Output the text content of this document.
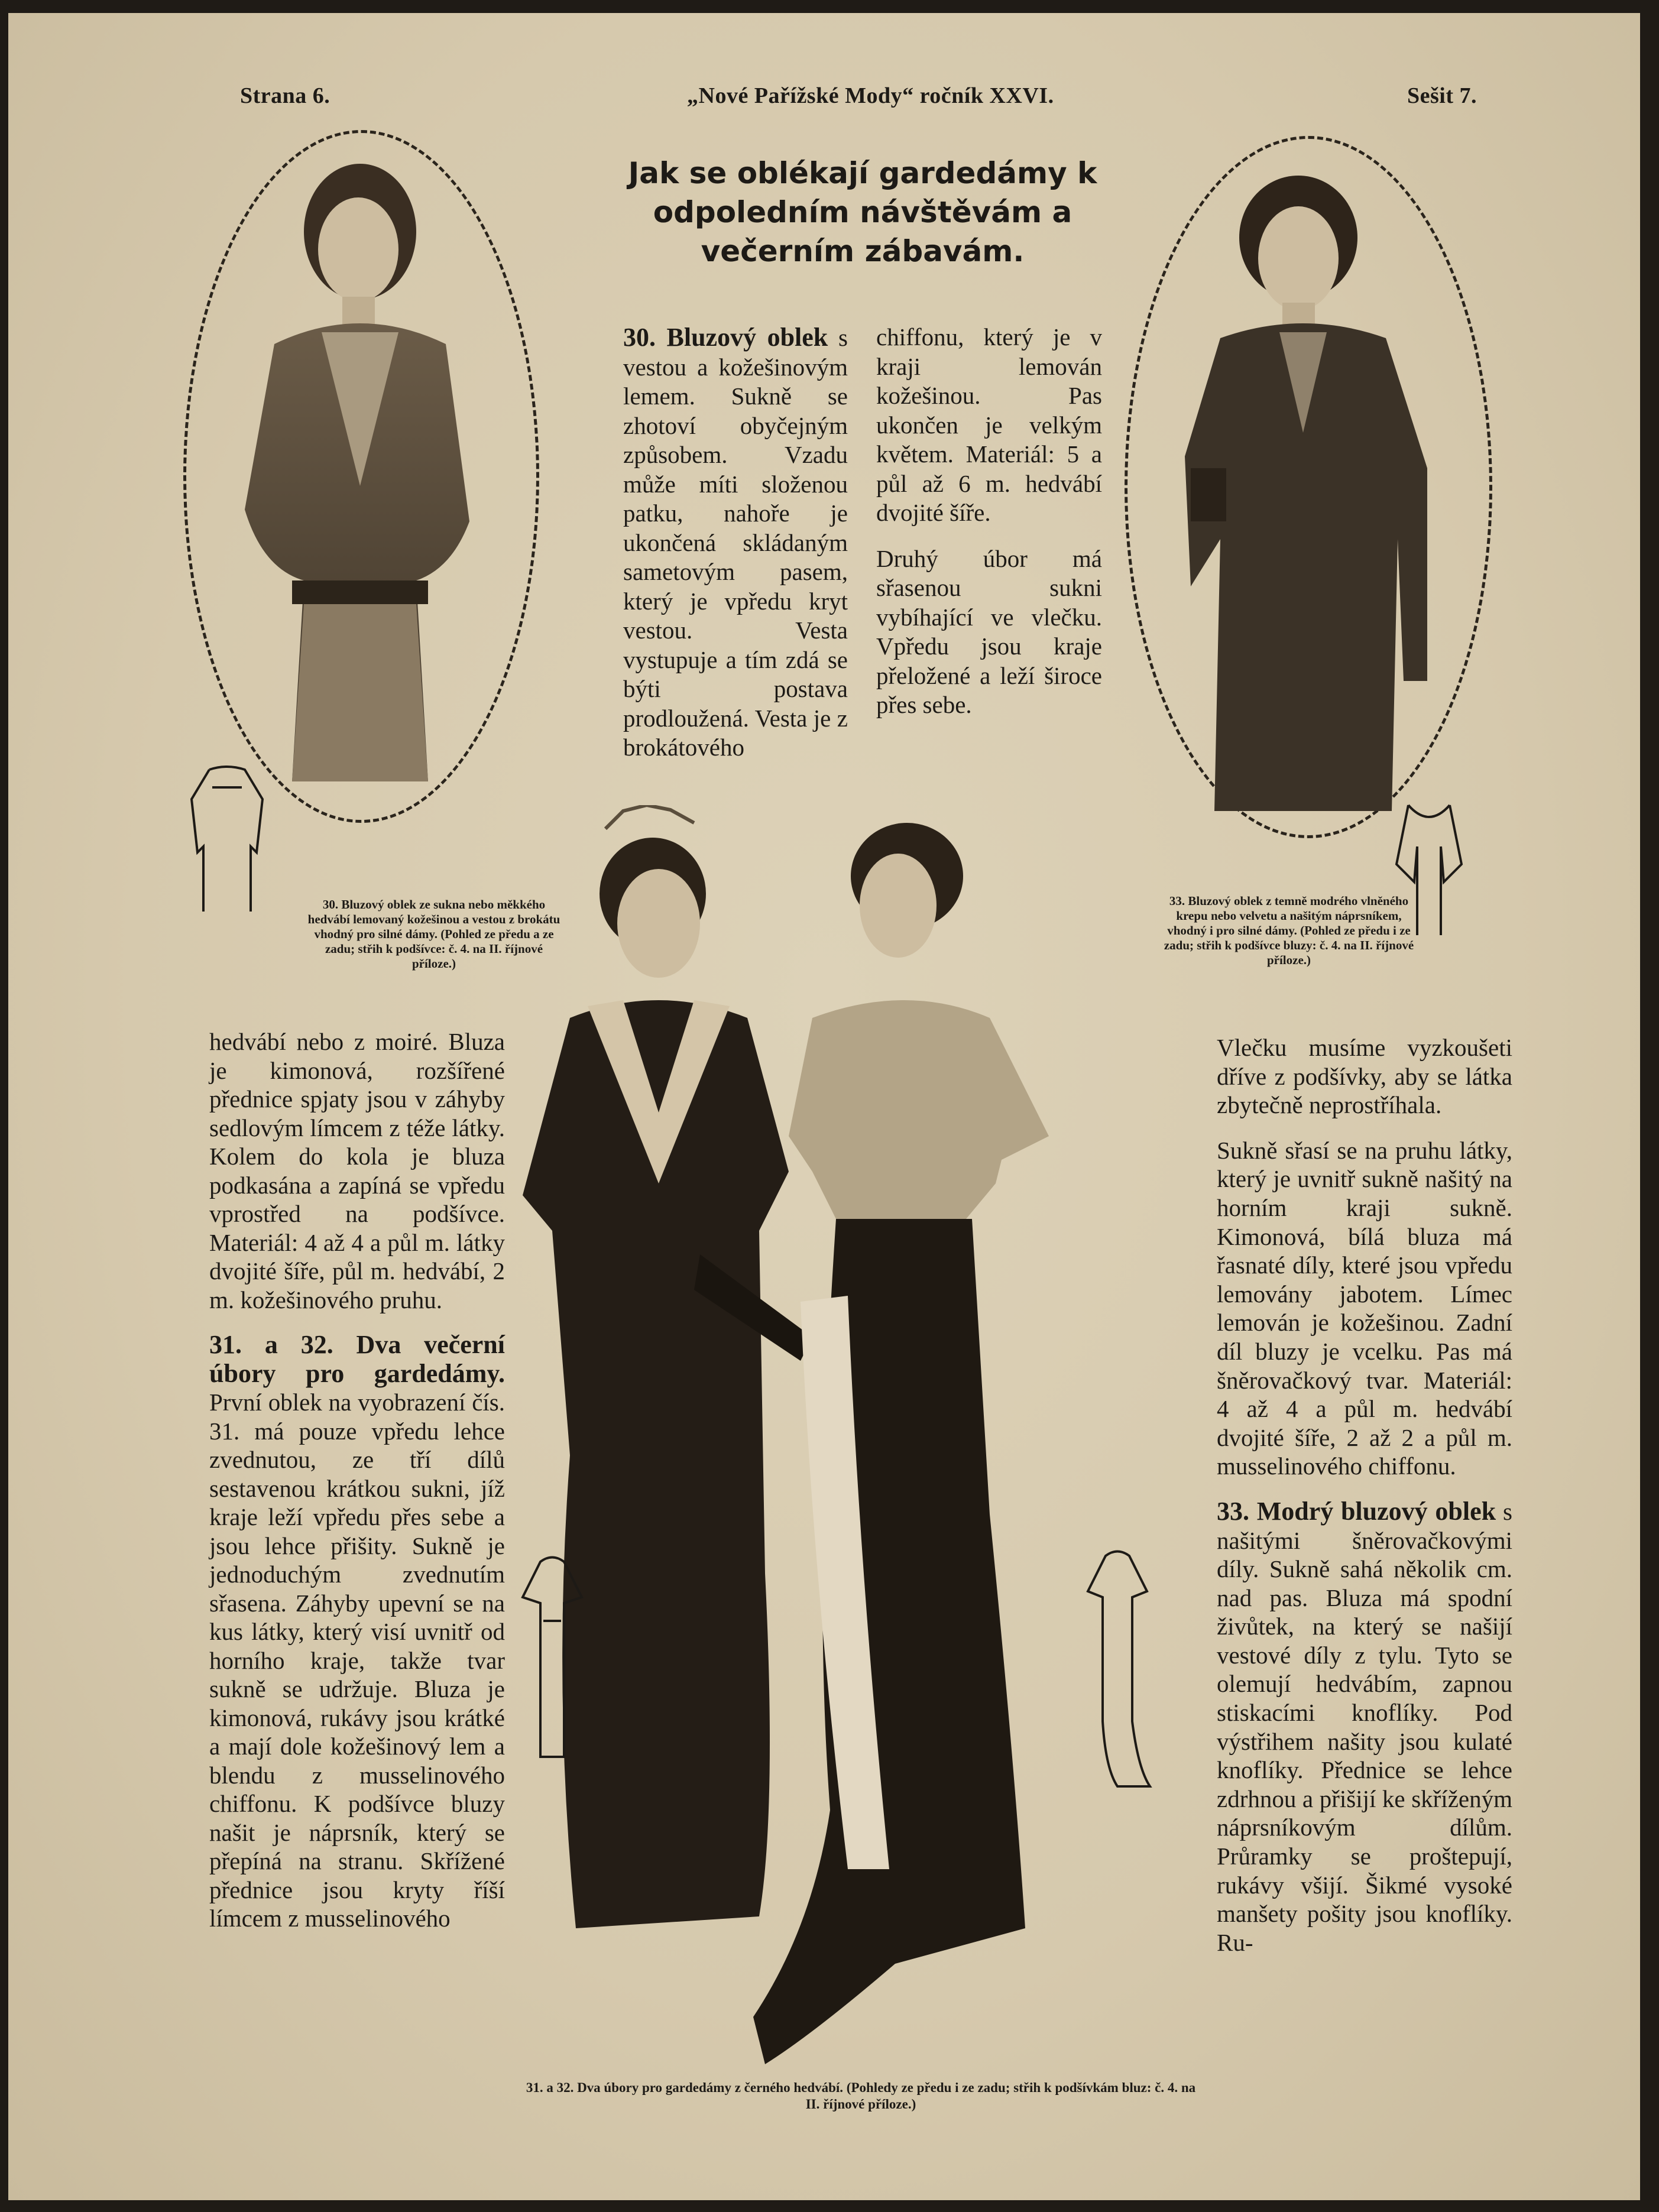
Strana 6.	„Nové Pařížské Mody“ ročník XXVI.	Sešit 7.
Jak se oblékají gardedámy k odpoledním návštěvám a večerním zábavám.
30. Bluzový oblek ze sukna nebo měkkého hedvábí lemovaný kožešinou a vestou z brokátu vhodný pro silné dámy. (Pohled ze předu a ze zadu; střih k podšívce: č. 4. na II. říjnové příloze.)
33. Bluzový oblek z temně modrého vlněného krepu nebo velvetu a našitým náprsníkem, vhodný i pro silné dámy. (Pohled ze předu i ze zadu; střih k podšívce bluzy: č. 4. na II. říjnové příloze.)

30. Bluzový oblek s vestou a kožešinovým lemem. Sukně se zhotoví obyčejným způsobem. Vzadu může míti složenou patku, nahoře je ukončená skládaným sametovým pasem, který je vpředu kryt vestou. Vesta vystupuje a tím zdá se býti postava prodloužená. Vesta je z brokátového

chiffonu, který je v kraji lemován kožešinou. Pas ukončen je velkým květem. Materiál: 5 a půl až 6 m. hedvábí dvojité šíře.

Druhý úbor má sřasenou sukni vybíhající ve vlečku. Vpředu jsou kraje přeložené a leží široce přes sebe.

31. a 32. Dva úbory pro gardedámy z černého hedvábí. (Pohledy ze předu i ze zadu; střih k podšívkám bluz: č. 4. na II. říjnové příloze.)

hedvábí nebo z moiré. Bluza je kimonová, rozšířené přednice spjaty jsou v záhyby sedlovým límcem z téže látky. Kolem do kola je bluza podkasána a zapíná se vpředu vprostřed na podšívce. Materiál: 4 až 4 a půl m. látky dvojité šíře, půl m. hedvábí, 2 m. kožešinového pruhu.

31. a 32. Dva večerní úbory pro gardedámy. První oblek na vyobrazení čís. 31. má pouze vpředu lehce zvednutou, ze tří dílů sestavenou krátkou sukni, jíž kraje leží vpředu přes sebe a jsou lehce přišity. Sukně je jednoduchým zvednutím sřasena. Záhyby upevní se na kus látky, který visí uvnitř od horního kraje, takže tvar sukně se udržuje. Bluza je kimonová, rukávy jsou krátké a mají dole kožešinový lem a blendu z musselinového chiffonu. K podšívce bluzy našit je náprsník, který se přepíná na stranu. Skřížené přednice jsou kryty říší límcem z musselinového

Vlečku musíme vyzkoušeti dříve z podšívky, aby se látka zbytečně neprostříhala.

Sukně sřasí se na pruhu látky, který je uvnitř sukně našitý na horním kraji sukně. Kimonová, bílá bluza má řasnaté díly, které jsou vpředu lemovány jabotem. Límec lemován je kožešinou. Zadní díl bluzy je vcelku. Pas má šněrovačkový tvar. Materiál: 4 až 4 a půl m. hedvábí dvojité šíře, 2 až 2 a půl m. musselinového chiffonu.

33. Modrý bluzový oblek s našitými šněrovačkovými díly. Sukně sahá několik cm. nad pas. Bluza má spodní živůtek, na který se našijí vestové díly z tylu. Tyto se olemují hedvábím, zapnou stiskacími knoflíky. Pod výstřihem našity jsou kulaté knoflíky. Přednice se lehce zdrhnou a přišijí ke skříženým náprsníkovým dílům. Průramky se proštepují, rukávy všijí. Šikmé vysoké manšety pošity jsou knoflíky. Ru-
